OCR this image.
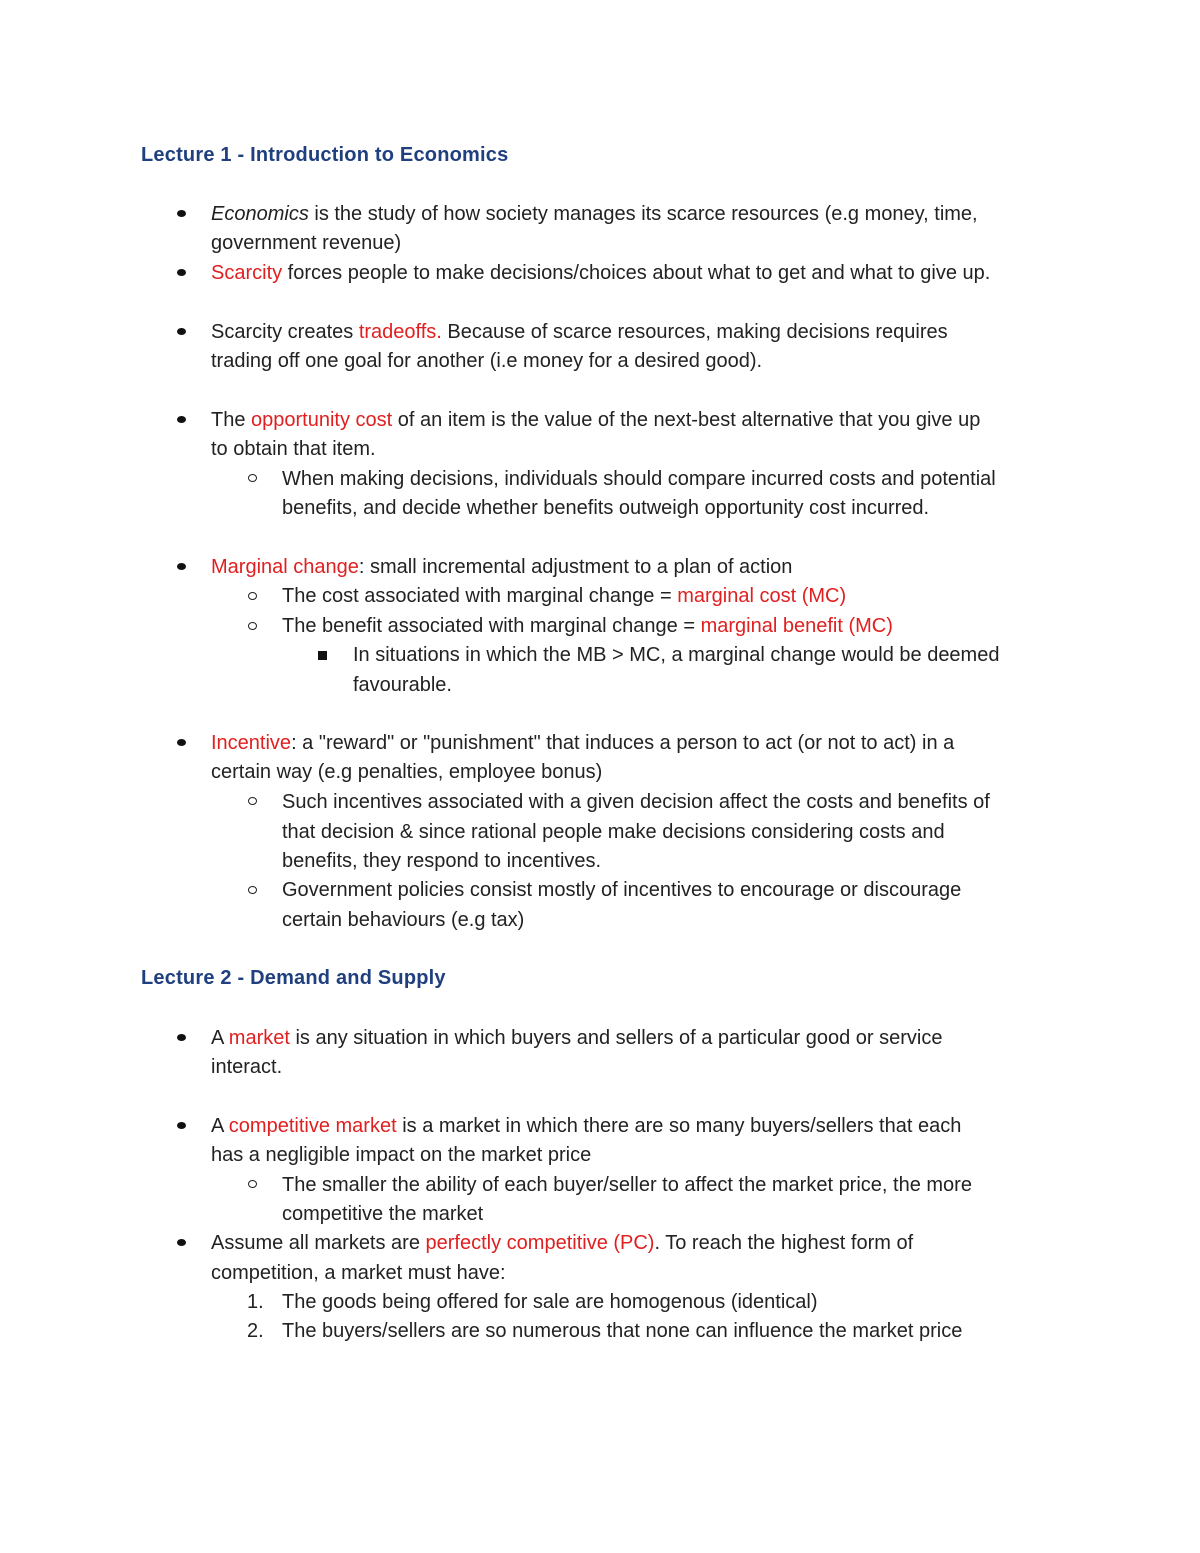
Lecture 1 - Introduction to Economics
Economics is the study of how society manages its scarce resources (e.g money, time,
government revenue)
Scarcity forces people to make decisions/choices about what to get and what to give up.
Scarcity creates tradeoffs. Because of scarce resources, making decisions requires
trading off one goal for another (i.e money for a desired good).
The opportunity cost of an item is the value of the next-best alternative that you give up
to obtain that item.
When making decisions, individuals should compare incurred costs and potential
benefits, and decide whether benefits outweigh opportunity cost incurred.
Marginal change: small incremental adjustment to a plan of action
The cost associated with marginal change = marginal cost (MC)
The benefit associated with marginal change = marginal benefit (MC)
In situations in which the MB > MC, a marginal change would be deemed
favourable.
Incentive: a "reward" or "punishment" that induces a person to act (or not to act) in a
certain way (e.g penalties, employee bonus)
Such incentives associated with a given decision affect the costs and benefits of
that decision & since rational people make decisions considering costs and
benefits, they respond to incentives.
Government policies consist mostly of incentives to encourage or discourage
certain behaviours (e.g tax)
Lecture 2 - Demand and Supply
A market is any situation in which buyers and sellers of a particular good or service
interact.
A competitive market is a market in which there are so many buyers/sellers that each
has a negligible impact on the market price
The smaller the ability of each buyer/seller to affect the market price, the more
competitive the market
Assume all markets are perfectly competitive (PC). To reach the highest form of
competition, a market must have:
1. The goods being offered for sale are homogenous (identical)
2. The buyers/sellers are so numerous that none can influence the market price
